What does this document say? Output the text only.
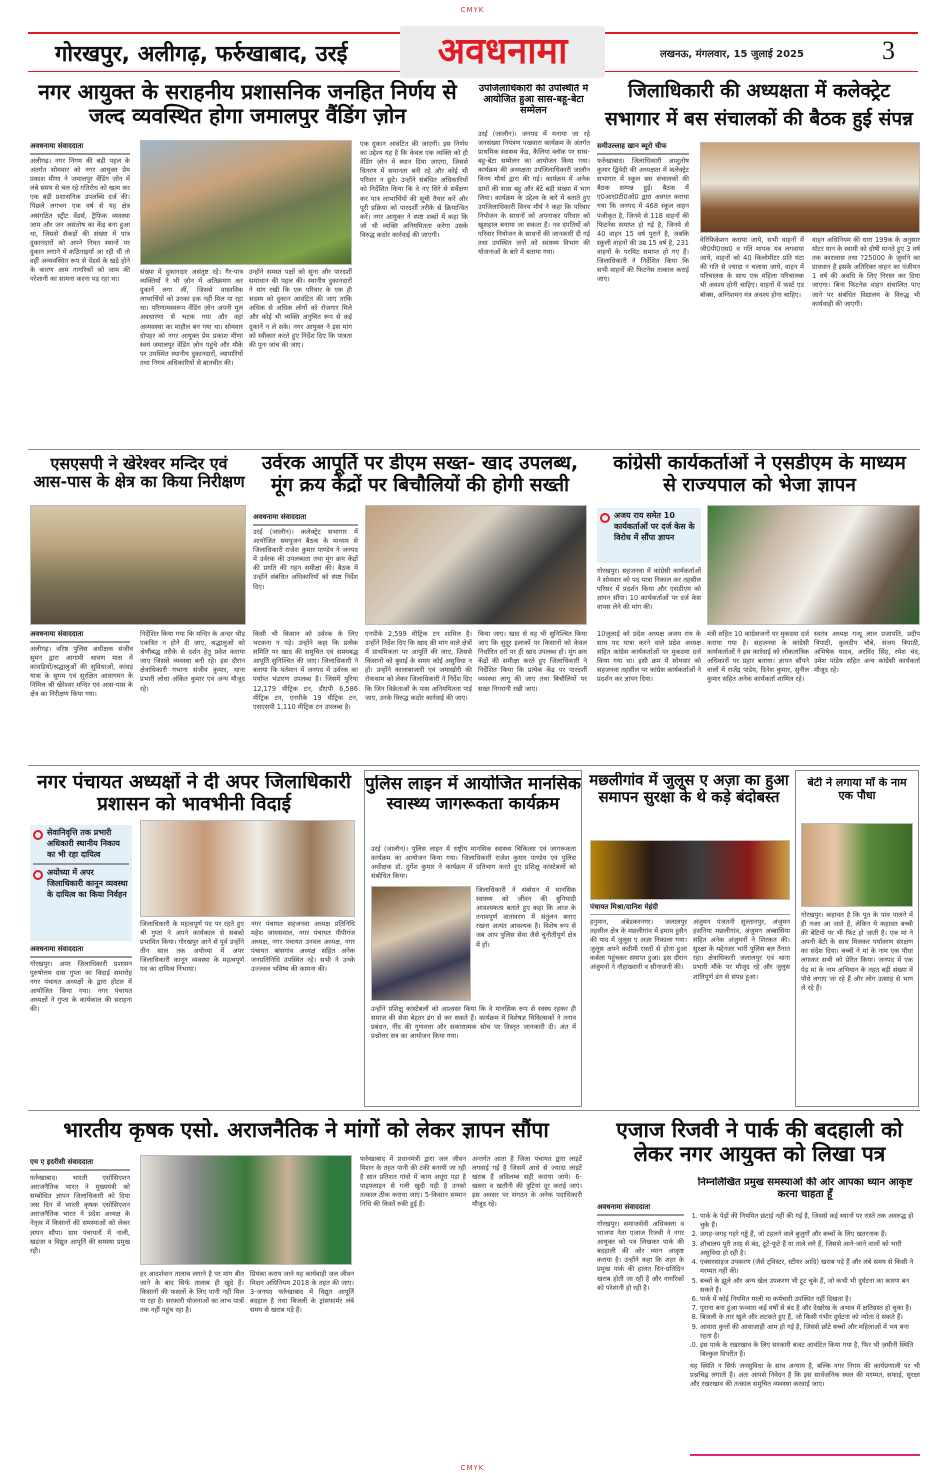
CMYK
गोरखपुर, अलीगढ़, फर्रुखाबाद, उरई	अवधनामा	लखनऊ, मंगलवार, 15 जुलाई 2025	3
नगर आयुक्त के सराहनीय प्रशासनिक जनहित निर्णय से
जल्द व्यवस्थित होगा जमालपुर वैंडिंग ज़ोन
अवधनामा संवाददाता
अलीगढ़। नगर निगम की बड़ी पहल के अंतर्गत सोमवार को नगर आयुक्त प्रेम प्रकाश मीणा ने जमालपुर वेंडिंग ज़ोन में लंबे समय से चल रहे गतिरोध को खत्म कर एक बड़ी प्रशासनिक उपलब्धि दर्ज की। पिछले लगभग एक वर्ष से यह क्षेत्र असंगठित स्ट्रीट वेंडर्स, ट्रैफिक व्यवस्था जाम और जन असंतोष का केंद्र बना हुआ था, जिससे सैकड़ों की संख्या में पात्र दुकानदारों को अपने नियत स्थानों पर दुकान लगाने में कठिनाइयाँ आ रही थीं तो वहीं अव्यवस्थित रूप से वेंडर्स के खड़े होने के कारण आम नागरिकों को जाम की परेशानी का सामना करना पड़ रहा था।
संख्या में दुकानदार असंतुष्ट रहे। गैर-पात्र व्यक्तियों ने भी ज़ोन में अतिक्रमण कर दुकानें लगा लीं, जिससे वास्तविक लाभार्थियों को उनका हक नहीं मिल पा रहा था। परिणामस्वरूप वेंडिंग ज़ोन अपनी मूल अवधारणा से भटक गया और वहां अव्यवस्था का माहौल बन गया था। सोमवार दोपहर को नगर आयुक्त प्रेम प्रकाश मीणा स्वयं जमालपुर वेंडिंग ज़ोन पहुंचे और मौके पर उपस्थित स्थानीय दुकानदारों, व्यापारियों तथा निगम अधिकारियों से बातचीत की।
उन्होंने समस्त पक्षों को सुना और पारदर्शी समाधान की पहल की। स्थानीय दुकानदारों ने मांग रखी कि एक परिवार के एक ही सदस्य को दुकान आवंटित की जाए ताकि अधिक से अधिक लोगों को रोजगार मिले और कोई भी व्यक्ति अनुचित रूप से कई दुकानें न ले सके। नगर आयुक्त ने इस मांग को स्वीकार करते हुए निर्देश दिए कि पात्रता की पुनः जांच की जाए।
एक दुकान आवंटित की जाएगी। इस निर्णय का उद्देश्य यह है कि केवल एक व्यक्ति को ही वेंडिंग ज़ोन में स्थान दिया जाएगा, जिससे वितरण में समानता बनी रहे और कोई भी परिवार न छूटे। उन्होंने संबंधित अधिकारियों को निर्देशित किया कि वे नए सिरे से सर्वेक्षण कर पात्र लाभार्थियों की सूची तैयार करें और पूरी प्रक्रिया को पारदर्शी तरीके से क्रियान्वित करें। नगर आयुक्त ने स्पष्ट शब्दों में कहा कि जो भी व्यक्ति अनियमितता करेगा उसके विरुद्ध कठोर कार्रवाई की जाएगी।
उपजिलाधिकारी की उपस्थिति में आयोजित हुआ सास-बहू-बेटा सम्मेलन
उरई (जालौन)। जनपद में मनाया जा रहे जनसंख्या नियंत्रण पखवारा कार्यक्रम के अंतर्गत प्राथमिक स्वास्थ्य केंद्र, कैलिया ब्लॉक पर सास-बहू-बेटा सम्मेलन का आयोजन किया गया। कार्यक्रम की अध्यक्षता उपजिलाधिकारी जालौन विनय मौर्या द्वारा की गई। कार्यक्रम में अनेक ग्रामों की सास बहू और बेटे बड़ी संख्या में भाग लिया। कार्यक्रम के उद्देश्य के बारे में बताते हुए उपजिलाधिकारी विनय मौर्य ने कहा कि परिवार नियोजन के साधनों को अपनाकर परिवार को खुशहाल बनाया जा सकता है। नव दंपतियों को परिवार नियोजन के साधनों की जानकारी दी गई तथा उपस्थित जनों को स्वास्थ्य विभाग की योजनाओं के बारे में बताया गया।
जिलाधिकारी की अध्यक्षता में कलेक्ट्रेट
सभागार में बस संचालकों की बैठक हुई संपन्न
समीउल्लाह खान ब्यूरो चीफ
फर्रुखाबाद। जिलाधिकारी आशुतोष कुमार द्विवेदी की अध्यक्षता में कलेक्ट्रेट सभागार में स्कूल बस संचालकों की बैठक सम्पन्न हुई। बैठक में ए0आर0टी0ओ0 द्वारा अवगत कराया गया कि जनपद में 468 स्कूल वाहन पंजीकृत है, जिनमे से 118 वाहनों की फिटनेस समाप्त हो गई है, जिनमे से 40 वाहन 15 वर्ष पुराने है, जबकि स्कूली वाहनों की उम्र 15 वर्ष है, 231 वाहनों के परमिट समाप्त हो गए हैं। जिलाधिकारी ने निर्देशित किया कि सभी वाहनों की फिटनेस तत्काल कराई जाए।
वेरिफिकेशन कराया जाये, सभी वाहनों में जी0पी0एस0 व गति मापक यंत्र लगवाया जाये, वाहनों को 40 किलोमीटर प्रति घंटा की गति से ज्यादा न चलाया जाये, वाहन में परिचालक के साथ एक महिला परिचालक भी अवश्य होनी चाहिए। वाहनों में फर्स्ट एड बॉक्स, अग्निशमन यंत्र अवश्य होना चाहिए।
वाहन अधिनियम की धारा 199क के अनुसार मोटर यान के स्वामी को दोषी मानते हुए 3 वर्ष तक कारावास तथा ?25000 के जुर्माने का प्रावधान है इसके अतिरिक्त वाहन का पंजीयन 1 वर्ष की अवधि के लिए निरस्त कर दिया जाएगा। बिना फिटनेस वाहन संचालित पाए जाने पर संबंधित विद्यालय के विरुद्ध भी कार्यवाही की जाएगी।
एसएसपी ने खेरेश्वर मन्दिर एवं
आस-पास के क्षेत्र का किया निरीक्षण
अवधनामा संवाददाता
अलीगढ़। वरिष्ठ पुलिस अधीक्षक संजीव सुमन द्वारा आगामी श्रावण मास में कांवड़ियों/श्रद्धालुओं की सुविधाओं, कांवड़ यात्रा के सुगम एवं सुरक्षित आवागमन के निमित्त श्री खेरेश्वर मन्दिर एवं आस-पास के क्षेत्र का निरीक्षण किया गया।
निर्देशित किया गया कि मन्दिर के अन्दर भीड़ एकत्रित न होने दी जाए, श्रद्धालुओं को श्रेणीबद्ध तरीके से दर्शन हेतु प्रवेश कराया जाए जिससे व्यवस्था बनी रहे। इस दौरान क्षेत्राधिकारी गभाना संजीव कुमार, थाना प्रभारी लोधा अंकित कुमार एवं अन्य मौजूद रहे।
उर्वरक आपूर्ति पर डीएम सख्त- खाद उपलब्ध,
मूंग क्रय केंद्रों पर बिचौलियों की होगी सख्ती
अवधनामा संवाददाता
उरई (जालौन)। कलेक्ट्रेट सभागार में आयोजित समपुजन बैठक के माध्यम से जिलाधिकारी राजेश कुमार पाण्डेय ने जनपद में उर्वरक की उपलब्धता तथा मूंग क्रय केंद्रों की प्रगति की गहन समीक्षा की। बैठक में उन्होंने संबंधित अधिकारियों को स्पष्ट निर्देश दिए।
किसी भी किसान को उर्वरक के लिए भटकना न पड़े। उन्होंने कहा कि प्रत्येक समिति पर खाद की समुचित एवं समयबद्ध आपूर्ति सुनिश्चित की जाए। जिलाधिकारी ने बताया कि वर्तमान में जनपद में उर्वरक का पर्याप्त भंडारण उपलब्ध है। जिसमें यूरिया 12,179 मीट्रिक टन, डीएपी 6,586 मीट्रिक टन, एनपीके 19 मीट्रिक टन, एसएसपी 1,110 मीट्रिक टन उपलब्ध है।
एनपीके 2,599 मीट्रिक टन शामिल है। उन्होंने निर्देश दिए कि खाद की मांग वाले क्षेत्रों में प्राथमिकता पर आपूर्ति की जाए, जिससे किसानों को बुवाई के समय कोई असुविधा न हो। उन्होंने कालाबाजारी एवं जमाखोरी की रोकथाम को लेकर जिलाधिकारी ने निर्देश दिए कि जिन विक्रेताओं के पास अनियमितता पाई जाए, उनके विरुद्ध कठोर कार्रवाई की जाए।
किया जाए। खाद से यह भी सुनिश्चित किया जाए कि सुदूर इलाकों पर किसानों को केवल निर्धारित दरों पर ही खाद उपलब्ध हो। मूंग क्रय केंद्रों की समीक्षा करते हुए जिलाधिकारी ने निर्देशित किया कि प्रत्येक केंद्र पर पारदर्शी व्यवस्था लागू की जाए तथा बिचौलियों पर सख्त निगरानी रखी जाए।
कांग्रेसी कार्यकर्ताओं ने एसडीएम के माध्यम
से राज्यपाल को भेजा ज्ञापन
अजय राय समेत 10 कार्यकर्ताओं पर दर्ज केस के विरोध में सौंपा ज्ञापन
गोरखपुर। सहजनवा में कांग्रेसी कार्यकर्ताओं ने सोमवार को पद यात्रा निकाल कर तहसील परिसर में प्रदर्शन किया और एसडीएम को ज्ञापन सौंपा। 10 कार्यकर्ताओं पर दर्ज केस वापस लेने की मांग की।
10जुलाई को प्रदेश अध्यक्ष अजय राय के साथ पद यात्रा करने वाले प्रदेश अध्यक्ष सहित कांग्रेस कार्यकर्ताओं पर मुकदमा दर्ज किया गया था। इसी क्रम में सोमवार को सहजनवा तहसील पर कांग्रेस कार्यकर्ताओं ने प्रदर्शन कर ज्ञापन दिया।
मंत्री सहित 10 कांग्रेसजनों पर मुकदमा दर्ज कराया गया है। सहजनवा के कांग्रेसी कार्यकर्ताओं ने इस कार्रवाई को लोकतांत्रिक अधिकारों पर प्रहार बताया। ज्ञापन सौंपने वालों में राजेंद्र पांडेय, दिनेश कुमार, सुनील कुमार सहित अनेक कार्यकर्ता शामिल रहे।
स्वतंत्र अध्यक्ष गन्धू लाल प्रजापति, प्रदीप त्रिपाठी, कुलदीप चौबे, संजय त्रिपाठी, अभिषेक यादव, अरविंद सिंह, रमेश चंद, उमेश पांडेय सहित अन्य कांग्रेसी कार्यकर्ता मौजूद रहे।
नगर पंचायत अध्यक्षों ने दी अपर जिलाधिकारी
प्रशासन को भावभीनी विदाई
सेवानिवृत्ति तक प्रभारी अधिकारी स्थानीय निकाय का भी रहा दायित्व
अयोध्या में अपर जिलाधिकारी कानून व्यवस्था के दायित्व का किया निर्वहन
अवधनामा संवाददाता
गोरखपुर। अपर जिलाधिकारी प्रशासन पुरुषोत्तम दास गुप्ता का विदाई समारोह नगर पंचायत अध्यक्षों के द्वारा होटल में आयोजित किया गया। नगर पंचायत अध्यक्षों ने गुप्ता के कार्यकाल की सराहना की।
जिलाधिकारी के महत्वपूर्ण पद पर रहते हुए श्री गुप्ता ने अपने कार्यकाल से सबको प्रभावित किया। गोरखपुर आने से पूर्व उन्होंने तीन साल तक अयोध्या में अपर जिलाधिकारी कानून व्यवस्था के महत्वपूर्ण पद का दायित्व निभाया।
नगर पंचायत सहजनवा अध्यक्ष प्रतिनिधि महेश जायसवाल, नगर पंचायत पीपीगंज अध्यक्ष, नगर पंचायत उनवल अध्यक्ष, नगर पंचायत बांसगांव अध्यक्ष सहित अनेक जनप्रतिनिधि उपस्थित रहे। सभी ने उनके उज्ज्वल भविष्य की कामना की।
पुलिस लाइन में आयोजित मानसिक
स्वास्थ्य जागरूकता कार्यक्रम
उरई (जालौन)। पुलिस लाइन में राष्ट्रीय मानसिक स्वास्थ्य चिकित्सा एवं जागरूकता कार्यक्रम का आयोजन किया गया। जिलाधिकारी राजेश कुमार पाण्डेय एवं पुलिस अधीक्षक डॉ. दुर्गेश कुमार ने कार्यक्रम में प्रतिभाग करते हुए प्रशिक्षु कांस्टेबलों को संबोधित किया।
जिलाधिकारी ने संबोधन में मानसिक स्वास्थ्य को जीवन की बुनियादी आवश्यकता बताते हुए कहा कि आज के तनावपूर्ण वातावरण में संतुलन बनाए रखना अत्यंत आवश्यक है। विशेष रूप से जब आप पुलिस सेवा जैसे चुनौतीपूर्ण क्षेत्र में हों।
उन्होंने प्रशिक्षु कांस्टेबलों को आश्वस्त किया कि वे मानसिक रूप से स्वस्थ रहकर ही समाज की सेवा बेहतर ढंग से कर सकते हैं। कार्यक्रम में विशेषज्ञ चिकित्सकों ने तनाव प्रबंधन, नींद की गुणवत्ता और सकारात्मक सोच पर विस्तृत जानकारी दी। अंत में प्रश्नोत्तर सत्र का आयोजन किया गया।
मछलीगांव में जुलूस ए अज़ा का हुआ
समापन सुरक्षा के थे कड़े बंदोबस्त
पंचायत मिश्रा/दानिश मेहंदी
हनुमान, अंबेडकरनगर। जलालपुर तहसील क्षेत्र के मछलीगांव में इमाम हुसैन की याद में जुलूस ए अज़ा निकाला गया। जुलूस अपने कदीमी रास्तों से होता हुआ कर्बला पहुंचकर समाप्त हुआ। इस दौरान अंजुमनों ने नौहाख्वानी व सीनाजनी की।
अंजुमन पंजतनी सुल्तानपुर, अंजुमन हसनिया मछलीगांव, अंजुमन अब्बासिया सहित अनेक अंजुमनों ने शिरकत की। सुरक्षा के मद्देनजर भारी पुलिस बल तैनात रहा। क्षेत्राधिकारी जलालपुर एवं थाना प्रभारी मौके पर मौजूद रहे और जुलूस शांतिपूर्ण ढंग से संपन्न हुआ।
बेटी ने लगाया माँ के नाम एक पौधा
गोरखपुर। कहावत है कि पूत के पांव पालने में ही नजर आ जाते हैं, लेकिन ये कहावत बच्ची की बेटियों पर भी फिट हो जाती है। एक मां ने अपनी बेटी के साथ मिलकर पर्यावरण संरक्षण का संदेश दिया। बच्ची ने मां के नाम एक पौधा लगाकर सभी को प्रेरित किया। जनपद में एक पेड़ मां के नाम अभियान के तहत बड़ी संख्या में पौधे लगाए जा रहे हैं और लोग उत्साह से भाग ले रहे हैं।
भारतीय कृषक एसो. अराजनैतिक ने मांगों को लेकर ज्ञापन सौंपा
एम ए इदरीसी संवाददाता
फर्रुखाबाद। भारती एसोसिएशन अराजनैतिक भारत ने मुख्यमंत्री को सम्बोधित ज्ञापन जिलाधिकारी को दिया जस दिन में भारती कृषक एसोसिएशन अराजनैतिक भारत ने प्रदेश अध्यक्ष के नेतृत्व में किसानों की समस्याओं को लेकर ज्ञापन सौंपा। ग्राम पंचायतों में नाली, खड़ंजा व विद्युत आपूर्ति की समस्या प्रमुख रही।
हर आदर्शवान तालाब लगाने है पर मांग बीत जाने के बाद सिर्फ तालाब ही खुदे हैं। किसानों की फसलों के लिए पानी नहीं मिल पा रहा है। सरकारी योजनाओं का लाभ पात्रों तक नहीं पहुंच रहा है।
प्रियंका कराय जाने यह कार्यवाही जल जीवन मिशन अधिनियम 2018 के तहत की जाए। 3-जनपद फर्रुखाबाद में विद्युत आपूर्ति बदहाल है तथा बिजली के ट्रांसफार्मर लंबे समय से खराब पड़े हैं।
फर्रुखाबाद में प्रधानमंत्री द्वारा जल जीवन मिशन के तहत पानी की टंकी बनायी जा रही है सात प्रतिशत गांवो में काम अधूरा पड़ा है पाइपलाइन से गली खुदी पड़ी है उनको तत्काल ठीक कराया जाए। 5-किसान सम्मान निधि की किस्तें रुकी हुई हैं।
अन्तर्गत आता है जिला पंचायत द्वारा लाइटें लगवाई गई है जिसमें आधे से ज्यादा लाइटें खराब हैं अविलम्ब सही कराया जाये। 6- खसरा व खतौनी की त्रुटियां दूर कराई जाएं। इस अवसर पर संगठन के अनेक पदाधिकारी मौजूद रहे।
एजाज रिजवी ने पार्क की बदहाली को
लेकर नगर आयुक्त को लिखा पत्र
निम्नलिखित प्रमुख समस्याओं की ओर आपका ध्यान आकृष्ट करना चाहता हूँ
अवधनामा संवाददाता
गोरखपुर। समाजसेवी अधिवक्ता व भाजपा नेता एजाज रिजवी ने नगर आयुक्त को पत्र लिखकर पार्क की बदहाली की ओर ध्यान आकृष्ट कराया है। उन्होंने कहा कि शहर के प्रमुख पार्क की हालत दिन-प्रतिदिन खराब होती जा रही है और नागरिकों को परेशानी हो रही है।
1. पार्क के पेड़ों की नियमित छंटाई नहीं की गई है, जिससे कई स्थानों पर रास्ते तक अवरुद्ध हो चुके हैं।
2. जगह-जगह गहरे गड्ढे हैं, जो टहलने वाले बुजुर्गों और बच्चों के लिए खतरनाक हैं।
3. शौचालय पूरी तरह से बंद, टूटे-फूटे हैं या ताले लगे हैं, जिससे आने-जाने वालों को भारी असुविधा हो रही है।
4. एक्सरसाइज उपकरण (जैसे ट्विस्टर, स्टीयर आदि) खराब पड़े हैं और लंबे समय से किसी ने मरम्मत नहीं की।
5. बच्चों के झूले और अन्य खेल उपकरण भी टूट चुके हैं, जो कभी भी दुर्घटना का कारण बन सकते हैं।
6. पार्क में कोई नियमित माली या कर्मचारी उपस्थित नहीं दिखता है।
7. पुराना बना हुआ फव्वारा कई वर्षों से बंद है और देखरेख के अभाव में क्षतिग्रस्त हो चुका है।
8. बिजली के तार खुले और लटकते हुए हैं, जो किसी गंभीर दुर्घटना को न्योता दे सकते हैं।
9. आवारा कुत्तों की आवाजाही आम हो गई है, जिससे छोटे बच्चों और महिलाओं में भय बना रहता है।
10. इस पार्क के रखरखाव के लिए सरकारी बजट आवंटित किया गया है, फिर भी ज़मीनी स्थिति बिल्कुल विपरीत है।
यह स्थिति न सिर्फ जनसुविधा के साथ अन्याय है, बल्कि नगर निगम की कार्यप्रणाली पर भी प्रश्नचिह्न लगाती है। अतः आपसे निवेदन है कि इस सार्वजनिक स्थल की मरम्मत, सफाई, सुरक्षा और रखरखाव की तत्काल समुचित व्यवस्था करवाई जाए।
CMYK
